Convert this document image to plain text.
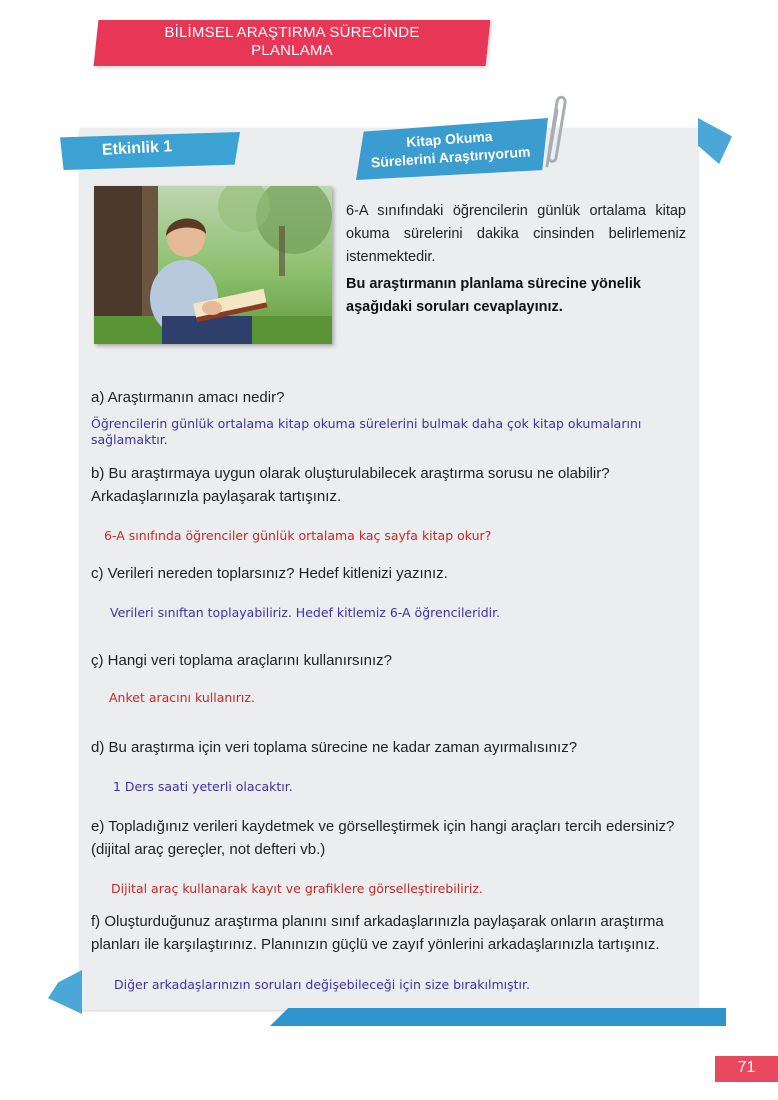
BİLİMSEL ARAŞTIRMA SÜRECİNDE
PLANLAMA
Etkinlik 1	Kitap Okuma
Sürelerini Araştırıyorum
6-A sınıfındaki öğrencilerin günlük ortalama kitap okuma sürelerini dakika cinsinden belirlemeniz istenmektedir.
Bu araştırmanın planlama sürecine yönelik aşağıdaki soruları cevaplayınız.
a) Araştırmanın amacı nedir?
Öğrencilerin günlük ortalama kitap okuma sürelerini bulmak daha çok kitap okumalarını sağlamaktır.
b) Bu araştırmaya uygun olarak oluşturulabilecek araştırma sorusu ne olabilir? Arkadaşlarınızla paylaşarak tartışınız.
6-A sınıfında öğrenciler günlük ortalama kaç sayfa kitap okur?
c) Verileri nereden toplarsınız? Hedef kitlenizi yazınız.
Verileri sınıftan toplayabiliriz. Hedef kitlemiz 6-A öğrencileridir.
ç) Hangi veri toplama araçlarını kullanırsınız?
Anket aracını kullanırız.
d) Bu araştırma için veri toplama sürecine ne kadar zaman ayırmalısınız?
1 Ders saati yeterli olacaktır.
e) Topladığınız verileri kaydetmek ve görselleştirmek için hangi araçları tercih edersiniz? (dijital araç gereçler, not defteri vb.)
Dijital araç kullanarak kayıt ve grafiklere görselleştirebiliriz.
f) Oluşturduğunuz araştırma planını sınıf arkadaşlarınızla paylaşarak onların araştırma planları ile karşılaştırınız. Planınızın güçlü ve zayıf yönlerini arkadaşlarınızla tartışınız.
Diğer arkadaşlarınızın soruları değişebileceği için size bırakılmıştır.
71
